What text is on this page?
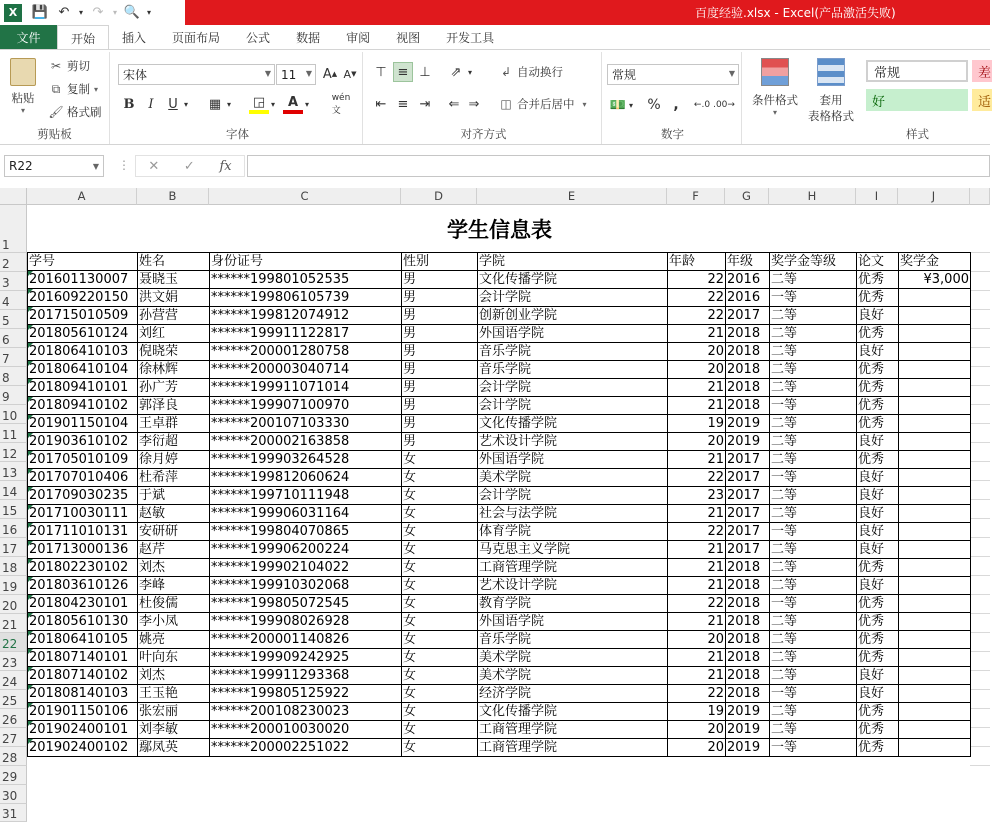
X	💾 ↶	▾ ↷	▾ 🔍 ▾	百度经验.xlsx - Excel(产品激活失败)
文件	开始	插入	页面布局	公式	数据	审阅	视图	开发工具
粘贴
▾
✂ 剪切
⧉ 复制 ▾
🖌 格式刷
剪贴板
宋体	▼ 11 ▼ A ▲ A ▼
B	I	U ▾ ▦ ▾ ◲ ▾ A ▾
wén
文
字体
⊤ ≡ ⊥	⇗ ▾ ↲ 自动换行
⇤ ≡ ⇥	⇐ ⇒	◫ 合并后居中 ▾
对齐方式
常规	▼
💵 ▾ % ,	←.0 .00→
数字
条件格式
▾
套用
表格格式
常规	差
好	适
样式
R22	▼ ⋮ ✕ ✓ fx
A	B	C	D	E	F	G	H	I	J
1
2
3
4
5
6
7
8
9
10
11
12
13
14
15
16
17
18
19
20
21
22
23
24
25
26
27
28
29
30
31
学生信息表
学号	姓名	身份证号	性别	学院	年龄	年级	奖学金等级	论文	奖学金
201601130007	聂晓玉	******199801052535	男	文化传播学院	22	2016	二等	优秀	¥3,000
201609220150	洪文娟	******199806105739	男	会计学院	22	2016	一等	优秀	
201715010509	孙营营	******199812074912	男	创新创业学院	22	2017	二等	良好	
201805610124	刘红	******199911122817	男	外国语学院	21	2018	二等	优秀	
201806410103	倪晓荣	******200001280758	男	音乐学院	20	2018	二等	良好	
201806410104	徐林辉	******200003040714	男	音乐学院	20	2018	二等	优秀	
201809410101	孙广芳	******199911071014	男	会计学院	21	2018	二等	优秀	
201809410102	郭泽良	******199907100970	男	会计学院	21	2018	一等	优秀	
201901150104	王卓群	******200107103330	男	文化传播学院	19	2019	二等	优秀	
201903610102	李衍超	******200002163858	男	艺术设计学院	20	2019	二等	良好	
201705010109	徐月婷	******199903264528	女	外国语学院	21	2017	二等	优秀	
201707010406	杜希萍	******199812060624	女	美术学院	22	2017	一等	良好	
201709030235	于斌	******199710111948	女	会计学院	23	2017	二等	良好	
201710030111	赵敏	******199906031164	女	社会与法学院	21	2017	二等	良好	
201711010131	安研研	******199804070865	女	体育学院	22	2017	一等	良好	
201713000136	赵芹	******199906200224	女	马克思主义学院	21	2017	二等	良好	
201802230102	刘杰	******199902104022	女	工商管理学院	21	2018	二等	优秀	
201803610126	李峰	******199910302068	女	艺术设计学院	21	2018	二等	良好	
201804230101	杜俊儒	******199805072545	女	教育学院	22	2018	一等	优秀	
201805610130	李小凤	******199908026928	女	外国语学院	21	2018	二等	优秀	
201806410105	姚亮	******200001140826	女	音乐学院	20	2018	二等	优秀	
201807140101	叶向东	******199909242925	女	美术学院	21	2018	二等	优秀	
201807140102	刘杰	******199911293368	女	美术学院	21	2018	二等	良好	
201808140103	王玉艳	******199805125922	女	经济学院	22	2018	一等	良好	
201901150106	张宏丽	******200108230023	女	文化传播学院	19	2019	二等	优秀	
201902400101	刘李敏	******200010030020	女	工商管理学院	20	2019	二等	优秀	
201902400102	鄢凤英	******200002251022	女	工商管理学院	20	2019	一等	优秀	
